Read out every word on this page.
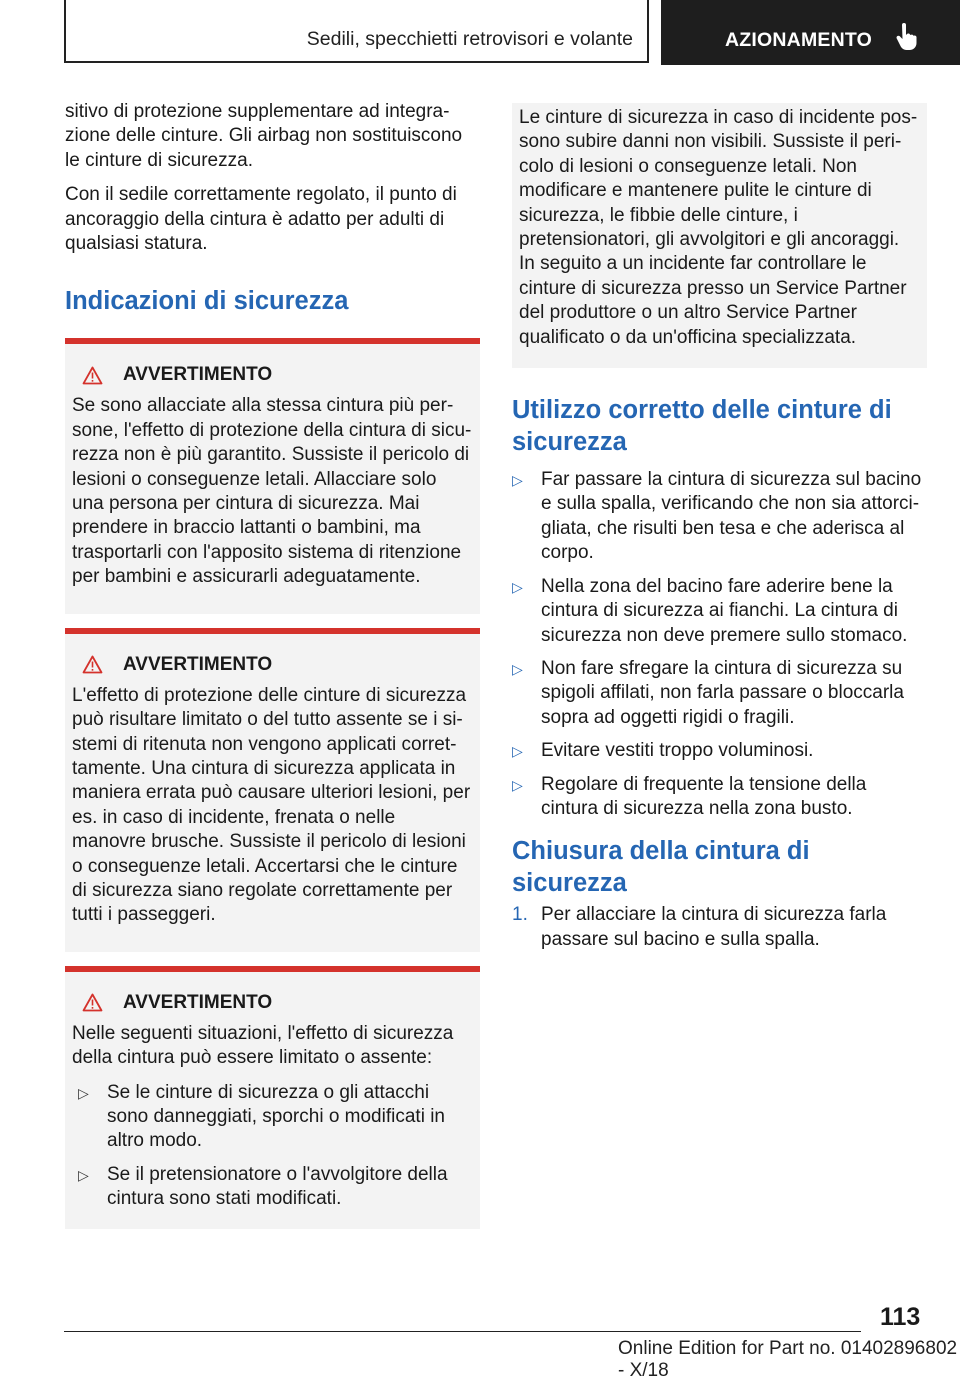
Sedili, specchietti retrovisori e volante	AZIONAMENTO

sitivo di protezione supplementare ad integrazione delle cinture. Gli airbag non sostituiscono le cinture di sicurezza.

Con il sedile correttamente regolato, il punto di ancoraggio della cintura è adatto per adulti di qualsiasi statura.

Indicazioni di sicurezza
AVVERTIMENTO

Se sono allacciate alla stessa cintura più persone, l'effetto di protezione della cintura di sicurezza non è più garantito. Sussiste il pericolo di lesioni o conseguenze letali. Allacciare solo una persona per cintura di sicurezza. Mai prendere in braccio lattanti o bambini, ma trasportarli con l'apposito sistema di ritenzione per bambini e assicurarli adeguatamente.

AVVERTIMENTO

L'effetto di protezione delle cinture di sicurezza può risultare limitato o del tutto assente se i sistemi di ritenuta non vengono applicati correttamente. Una cintura di sicurezza applicata in maniera errata può causare ulteriori lesioni, per es. in caso di incidente, frenata o nelle manovre brusche. Sussiste il pericolo di lesioni o conseguenze letali. Accertarsi che le cinture di sicurezza siano regolate correttamente per tutti i passeggeri.

AVVERTIMENTO

Nelle seguenti situazioni, l'effetto di sicurezza della cintura può essere limitato o assente:

▷ Se le cinture di sicurezza o gli attacchi sono danneggiati, sporchi o modificati in altro modo.

▷ Se il pretensionatore o l'avvolgitore della cintura sono stati modificati.

Le cinture di sicurezza in caso di incidente possono subire danni non visibili. Sussiste il pericolo di lesioni o conseguenze letali. Non modificare e mantenere pulite le cinture di sicurezza, le fibbie delle cinture, i pretensionatori, gli avvolgitori e gli ancoraggi. In seguito a un incidente far controllare le cinture di sicurezza presso un Service Partner del produttore o un altro Service Partner qualificato o da un'officina specializzata.

Utilizzo corretto delle cinture di sicurezza
▷ Far passare la cintura di sicurezza sul bacino e sulla spalla, verificando che non sia attorcigliata, che risulti ben tesa e che aderisca al corpo.

▷ Nella zona del bacino fare aderire bene la cintura di sicurezza ai fianchi. La cintura di sicurezza non deve premere sullo stomaco.

▷ Non fare sfregare la cintura di sicurezza su spigoli affilati, non farla passare o bloccarla sopra ad oggetti rigidi o fragili.

▷ Evitare vestiti troppo voluminosi.

▷ Regolare di frequente la tensione della cintura di sicurezza nella zona busto.

Chiusura della cintura di sicurezza
1. Per allacciare la cintura di sicurezza farla passare sul bacino e sulla spalla.

113
Online Edition for Part no. 01402896802 - X/18
